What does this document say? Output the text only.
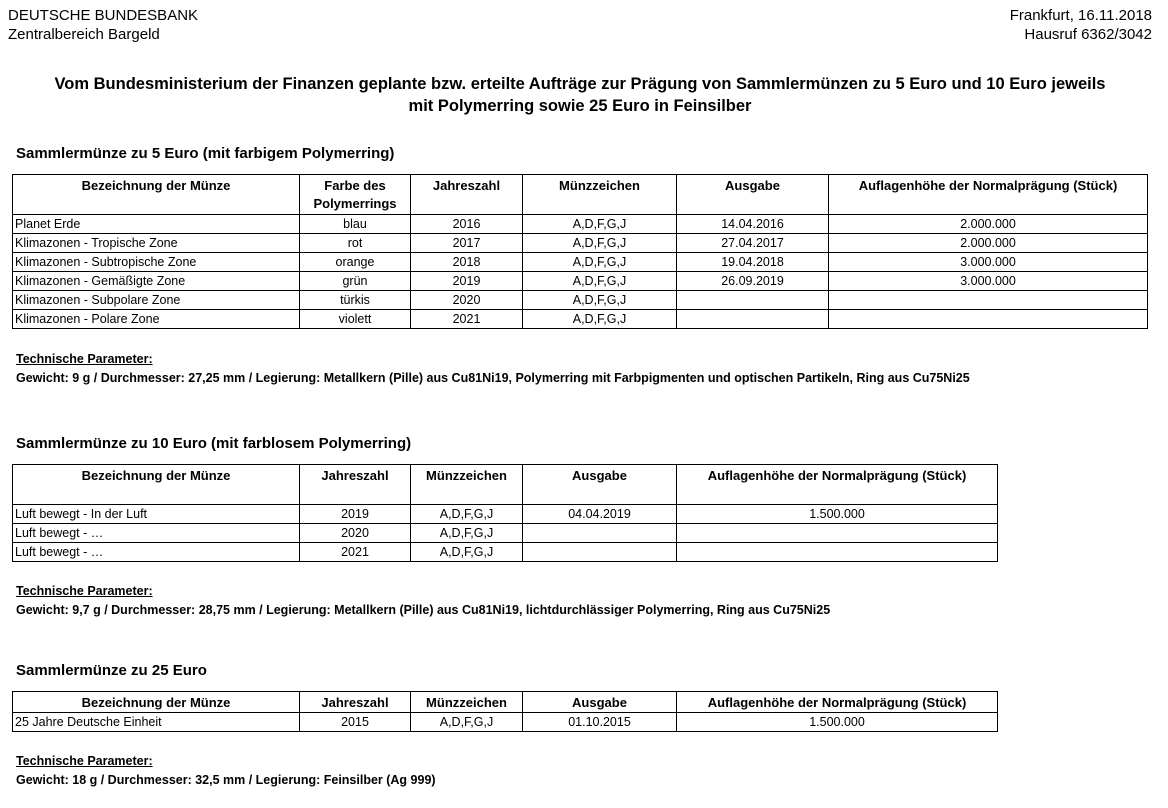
DEUTSCHE BUNDESBANK
Zentralbereich Bargeld
Frankfurt, 16.11.2018
Hausruf 6362/3042
Vom Bundesministerium der Finanzen geplante bzw. erteilte Aufträge zur Prägung von Sammlermünzen zu 5 Euro und 10 Euro jeweils
mit Polymerring sowie 25 Euro in Feinsilber
Sammlermünze zu 5 Euro (mit farbigem Polymerring)
Bezeichnung der Münze	Farbe des Polymerrings	Jahreszahl	Münzzeichen	Ausgabe	Auflagenhöhe der Normalprägung (Stück)
Planet Erde	blau	2016	A,D,F,G,J	14.04.2016	2.000.000
Klimazonen - Tropische Zone	rot	2017	A,D,F,G,J	27.04.2017	2.000.000
Klimazonen - Subtropische Zone	orange	2018	A,D,F,G,J	19.04.2018	3.000.000
Klimazonen - Gemäßigte Zone	grün	2019	A,D,F,G,J	26.09.2019	3.000.000
Klimazonen - Subpolare Zone	türkis	2020	A,D,F,G,J		
Klimazonen - Polare Zone	violett	2021	A,D,F,G,J		
Technische Parameter:
Gewicht: 9 g / Durchmesser: 27,25 mm / Legierung: Metallkern (Pille) aus Cu81Ni19, Polymerring mit Farbpigmenten und optischen Partikeln, Ring aus Cu75Ni25
Sammlermünze zu 10 Euro (mit farblosem Polymerring)
Bezeichnung der Münze	Jahreszahl	Münzzeichen	Ausgabe	Auflagenhöhe der Normalprägung (Stück)
Luft bewegt - In der Luft	2019	A,D,F,G,J	04.04.2019	1.500.000
Luft bewegt - …	2020	A,D,F,G,J		
Luft bewegt - …	2021	A,D,F,G,J		
Technische Parameter:
Gewicht: 9,7 g / Durchmesser: 28,75 mm / Legierung: Metallkern (Pille) aus Cu81Ni19, lichtdurchlässiger Polymerring, Ring aus Cu75Ni25
Sammlermünze zu 25 Euro
Bezeichnung der Münze	Jahreszahl	Münzzeichen	Ausgabe	Auflagenhöhe der Normalprägung (Stück)
25 Jahre Deutsche Einheit	2015	A,D,F,G,J	01.10.2015	1.500.000
Technische Parameter:
Gewicht: 18 g / Durchmesser: 32,5 mm / Legierung: Feinsilber (Ag 999)
